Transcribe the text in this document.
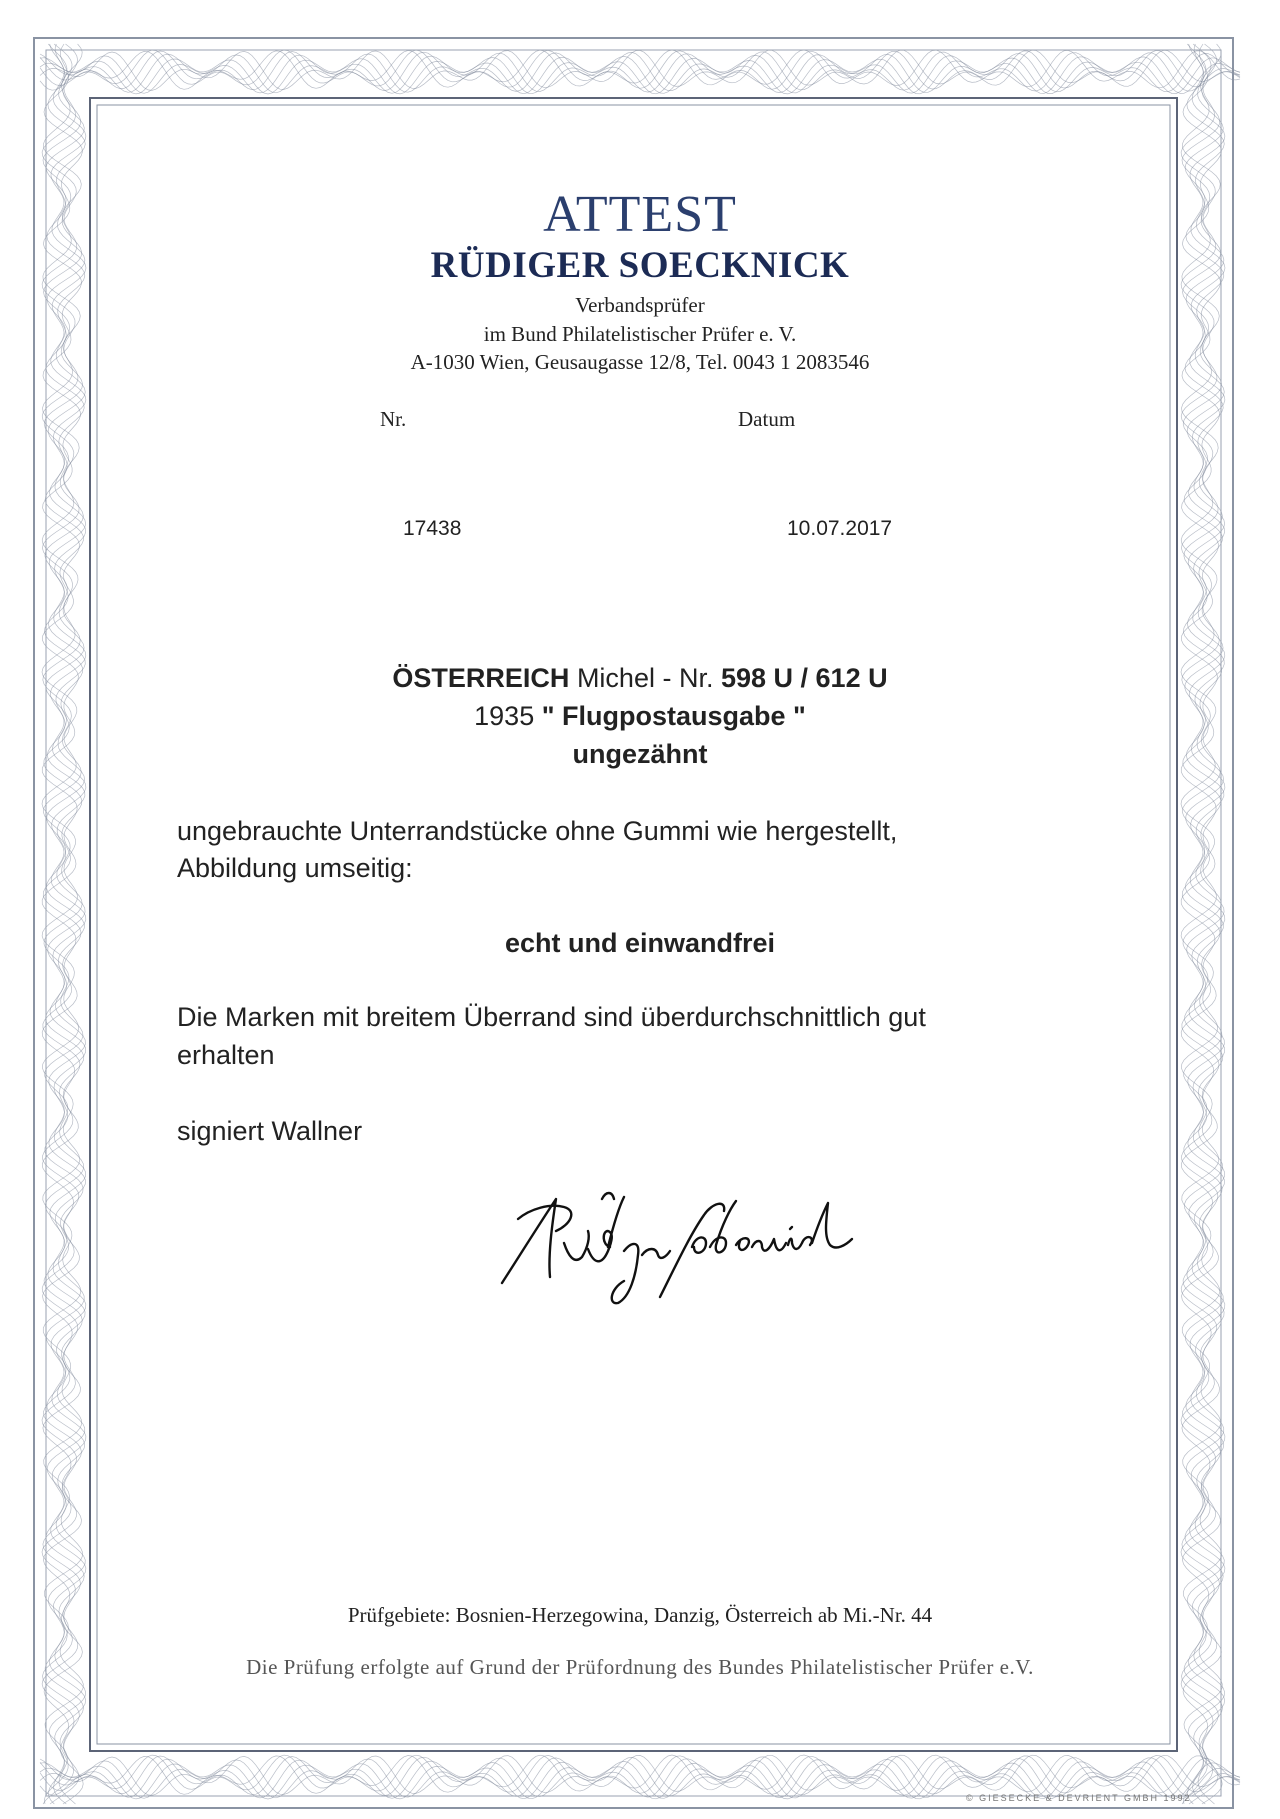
ATTEST
RÜDIGER SOECKNICK
Verbandsprüfer
im Bund Philatelistischer Prüfer e. V.
A-1030 Wien, Geusaugasse 12/8, Tel. 0043 1 2083546
Nr.	Datum
17438	10.07.2017
ÖSTERREICH Michel - Nr. 598 U / 612 U
1935 " Flugpostausgabe "
ungezähnt
ungebrauchte Unterrandstücke ohne Gummi wie hergestellt,
Abbildung umseitig:
echt und einwandfrei
Die Marken mit breitem Überrand sind überdurchschnittlich gut
erhalten
signiert Wallner
Prüfgebiete: Bosnien-Herzegowina, Danzig, Österreich ab Mi.-Nr. 44
Die Prüfung erfolgte auf Grund der Prüfordnung des Bundes Philatelistischer Prüfer e.V.
© GIESECKE & DEVRIENT GMBH 1992
